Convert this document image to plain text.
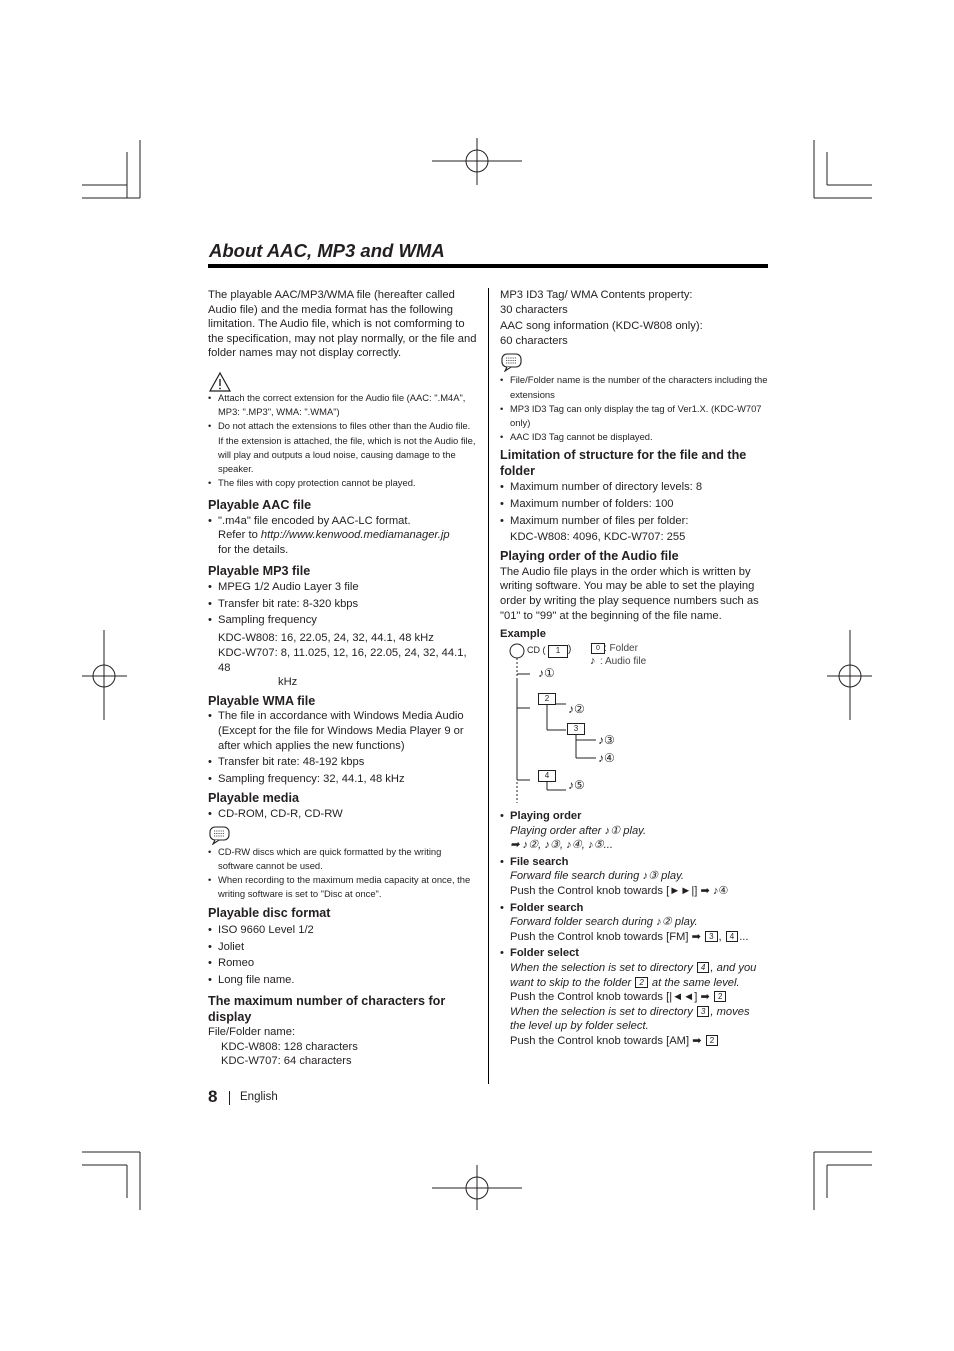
About AAC, MP3 and WMA

The playable AAC/MP3/WMA file (hereafter called Audio file) and the media format has the following limitation. The Audio file, which is not comforming to the specification, may not play normally, or the file and folder names may not display correctly.

• Attach the correct extension for the Audio file (AAC: ".M4A", MP3: ".MP3", WMA: ".WMA")
• Do not attach the extensions to files other than the Audio file. If the extension is attached, the file, which is not the Audio file, will play and outputs a loud noise, causing damage to the speaker.
• The files with copy protection cannot be played.

Playable AAC file

• ".m4a" file encoded by AAC-LC format.
Refer to http://www.kenwood.mediamanager.jp
for the details.

Playable MP3 file

• MPEG 1/2 Audio Layer 3 file
• Transfer bit rate: 8-320 kbps
• Sampling frequency
KDC-W808: 16, 22.05, 24, 32, 44.1, 48 kHz
KDC-W707: 8, 11.025, 12, 16, 22.05, 24, 32, 44.1, 48
kHz

Playable WMA file

• The file in accordance with Windows Media Audio (Except for the file for Windows Media Player 9 or after which applies the new functions)
• Transfer bit rate: 48-192 kbps
• Sampling frequency: 32, 44.1, 48 kHz

Playable media

• CD-ROM, CD-R, CD-RW
• CD-RW discs which are quick formatted by the writing software cannot be used.
• When recording to the maximum media capacity at once, the writing software is set to "Disc at once".

Playable disc format

• ISO 9660 Level 1/2
• Joliet
• Romeo
• Long file name.

The maximum number of characters for display

File/Folder name:
KDC-W808: 128 characters
KDC-W707: 64 characters
MP3 ID3 Tag/ WMA Contents property:
30 characters
AAC song information (KDC-W808 only):
60 characters
• File/Folder name is the number of the characters including the extensions
• MP3 ID3 Tag can only display the tag of Ver1.X. (KDC-W707 only)
• AAC ID3 Tag cannot be displayed.

Limitation of structure for the file and the folder

• Maximum number of directory levels: 8
• Maximum number of folders: 100
• Maximum number of files per folder:
KDC-W808: 4096, KDC-W707: 255

Playing order of the Audio file

The Audio file plays in the order which is written by writing software. You may be able to set the playing order by writing the play sequence numbers such as "01" to "99" at the beginning of the file name.

Example
CD (	1 )	0 : Folder
♪ : Audio file
♪①
2
♪②
3
♪③
♪④
4
♪⑤
• Playing order
Playing order after ♪① play.
➡ ♪②, ♪③, ♪④, ♪⑤...
• File search
Forward file search during ♪③ play.
Push the Control knob towards [►►|] ➡ ♪④
• Folder search
Forward folder search during ♪② play.
Push the Control knob towards [FM] ➡ 3 , 4 ...
• Folder select
When the selection is set to directory 4 , and you
want to skip to the folder 2 at the same level.
Push the Control knob towards [|◄◄] ➡ 2
When the selection is set to directory 3 , moves
the level up by folder select.
Push the Control knob towards [AM] ➡ 2
8 English
